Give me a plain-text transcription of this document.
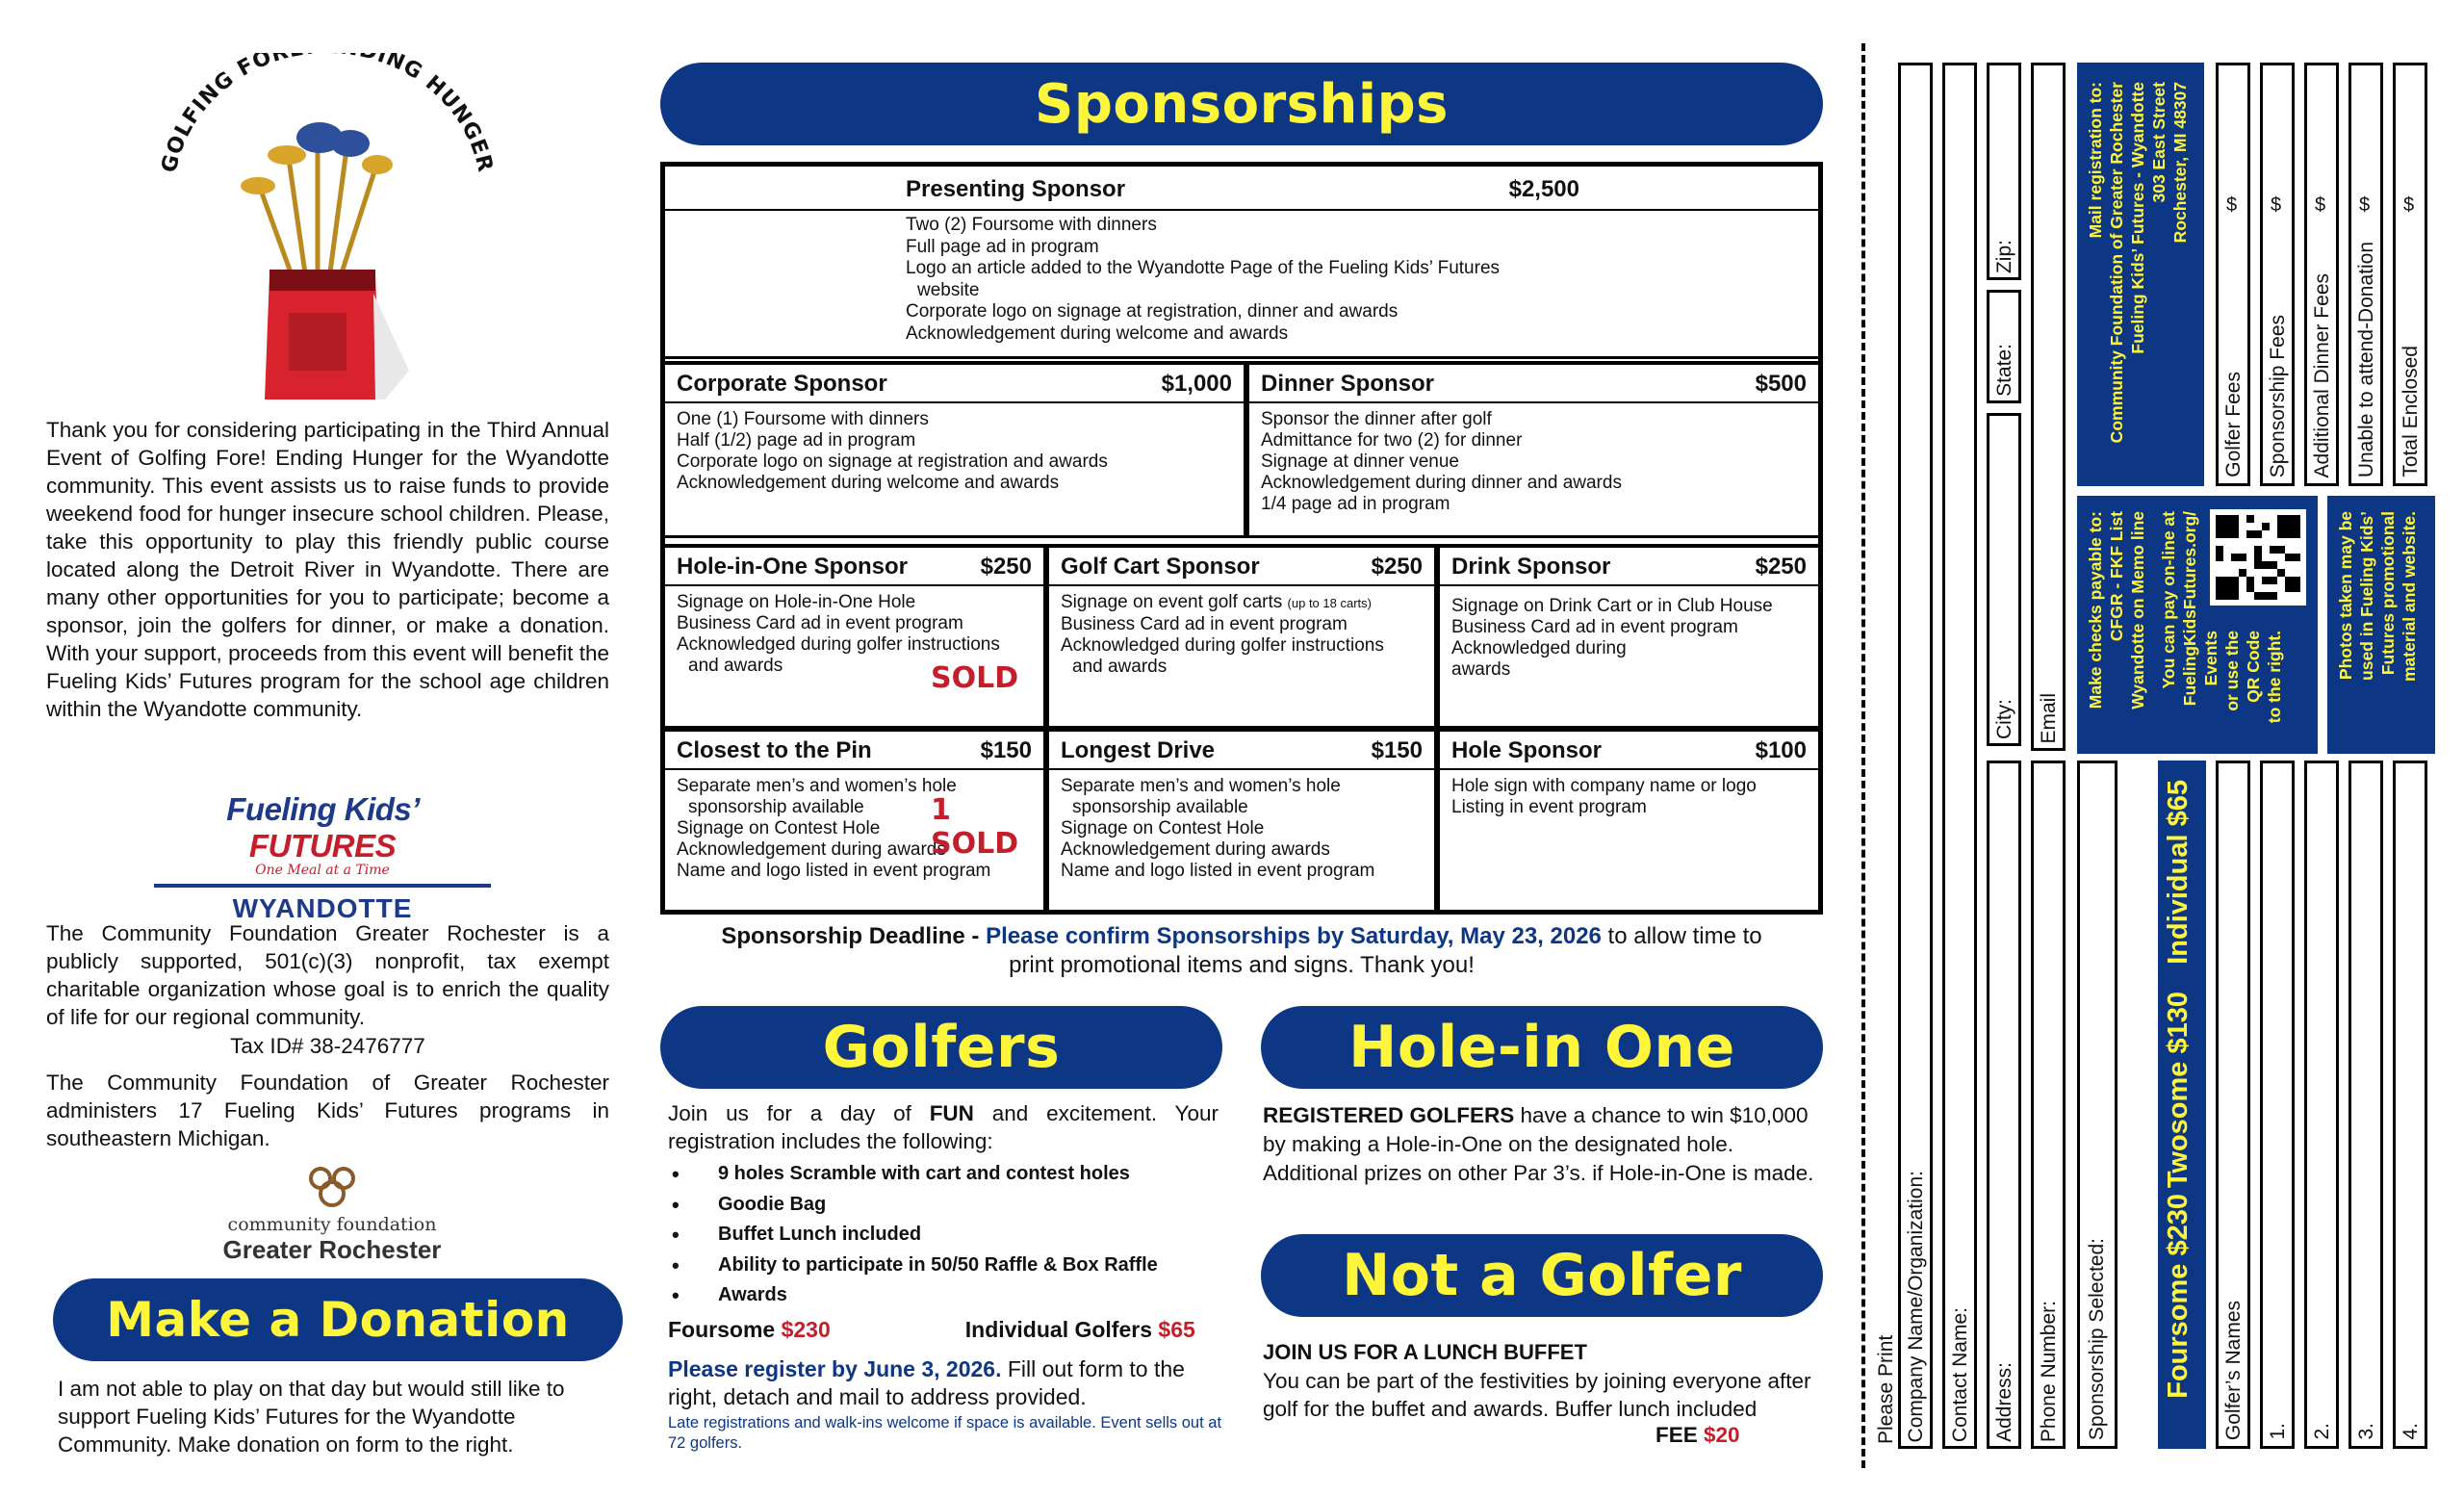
GOLFING FOR ING HUNGER

Thank you for considering participating in the Third Annual Event of Golfing Fore! Ending Hunger for the Wyandotte community. This event assists us to raise funds to provide weekend food for hunger insecure school children. Please, take this opportunity to play this friendly public course located along the Detroit River in Wyandotte. There are many other opportunities for you to participate; become a sponsor, join the golfers for dinner, or make a donation. With your support, proceeds from this event will benefit the Fueling Kids’ Futures program for the school age children within the Wyandotte community.

Fueling Kids’ FUTURES
One Meal at a Time
WYANDOTTE

The Community Foundation Greater Rochester is a publicly supported, 501(c)(3) nonprofit, tax exempt charitable organization whose goal is to enrich the quality of life for our regional community.

Tax ID# 38-2476777

The Community Foundation of Greater Rochester administers 17 Fueling Kids’ Futures programs in southeastern Michigan.

community foundation
Greater Rochester
Make a Donation

I am not able to play on that day but would still like to support Fueling Kids’ Futures for the Wyandotte Community. Make donation on form to the right.

Sponsorships
Presenting Sponsor	$2,500
Two (2) Foursome with dinners
Full page ad in program
Logo an article added to the Wyandotte Page of the Fueling Kids’ Futures
website
Corporate logo on signage at registration, dinner and awards
Acknowledgement during welcome and awards
Corporate Sponsor	$1,000
One (1) Foursome with dinners
Half (1/2) page ad in program
Corporate logo on signage at registration and awards
Acknowledgement during welcome and awards
Dinner Sponsor	$500
Sponsor the dinner after golf
Admittance for two (2) for dinner
Signage at dinner venue
Acknowledgement during dinner and awards
1/4 page ad in program
Hole-in-One Sponsor	$250
Signage on Hole-in-One Hole
Business Card ad in event program
Acknowledged during golfer instructions
and awards	SOLD
Golf Cart Sponsor	$250
Signage on event golf carts (up to 18 carts)
Business Card ad in event program
Acknowledged during golfer instructions
and awards
Drink Sponsor	$250
Signage on Drink Cart or in Club House
Business Card ad in event program
Acknowledged during
awards
Closest to the Pin	$150
Separate men’s and women’s hole
sponsorship available
Signage on Contest Hole
Acknowledgement during awards
Name and logo listed in event program
1 SOLD
Longest Drive	$150
Separate men’s and women’s hole
sponsorship available
Signage on Contest Hole
Acknowledgement during awards
Name and logo listed in event program
Hole Sponsor	$100
Hole sign with company name or logo
Listing in event program
Sponsorship Deadline - Please confirm Sponsorships by Saturday, May 23, 2026 to allow time to
print promotional items and signs. Thank you!
Golfers	Hole-in One

Join us for a day of FUN and excitement. Your registration includes the following:

• 9 holes Scramble with cart and contest holes
• Goodie Bag
• Buffet Lunch included
• Ability to participate in 50/50 Raffle & Box Raffle
• Awards
Foursome $230	Individual Golfers $65

Please register by June 3, 2026. Fill out form to the right, detach and mail to address provided.

Late registrations and walk-ins welcome if space is available. Event sells out at 72 golfers.

REGISTERED GOLFERS have a chance to win $10,000 by making a Hole-in-One on the designated hole. Additional prizes on other Par 3’s. if Hole-in-One is made.

Not a Golfer
JOIN US FOR A LUNCH BUFFET

You can be part of the festivities by joining everyone after golf for the buffet and awards. Buffer lunch included

FEE $20	Please Print Company Name/Organization: Contact Name:
Zip:
State:
City:
Address:
Email
Phone Number: Sponsorship Selected:
Mail registration to: Community Foundation of Greater Rochester Fueling Kids’ Futures - Wyandotte 303 East Street Rochester, MI 48307
Make checks payable to: CFGR - FKF List Wyandotte on Memo line You can pay on-line at FuelingKidsFutures.org/ Events or use the QR Code to the right.
Foursome $230
Twosome $130
Individual $65
Golfer’s Names 1. 2. 3. 4.
Golfer Fees
$
Sponsorship Fees
$
Additional Dinner Fees
$
Unable to attend-Donation
$
Total Enclosed
$
Photos taken may be used in Fueling Kids’ Futures promotional material and website.
